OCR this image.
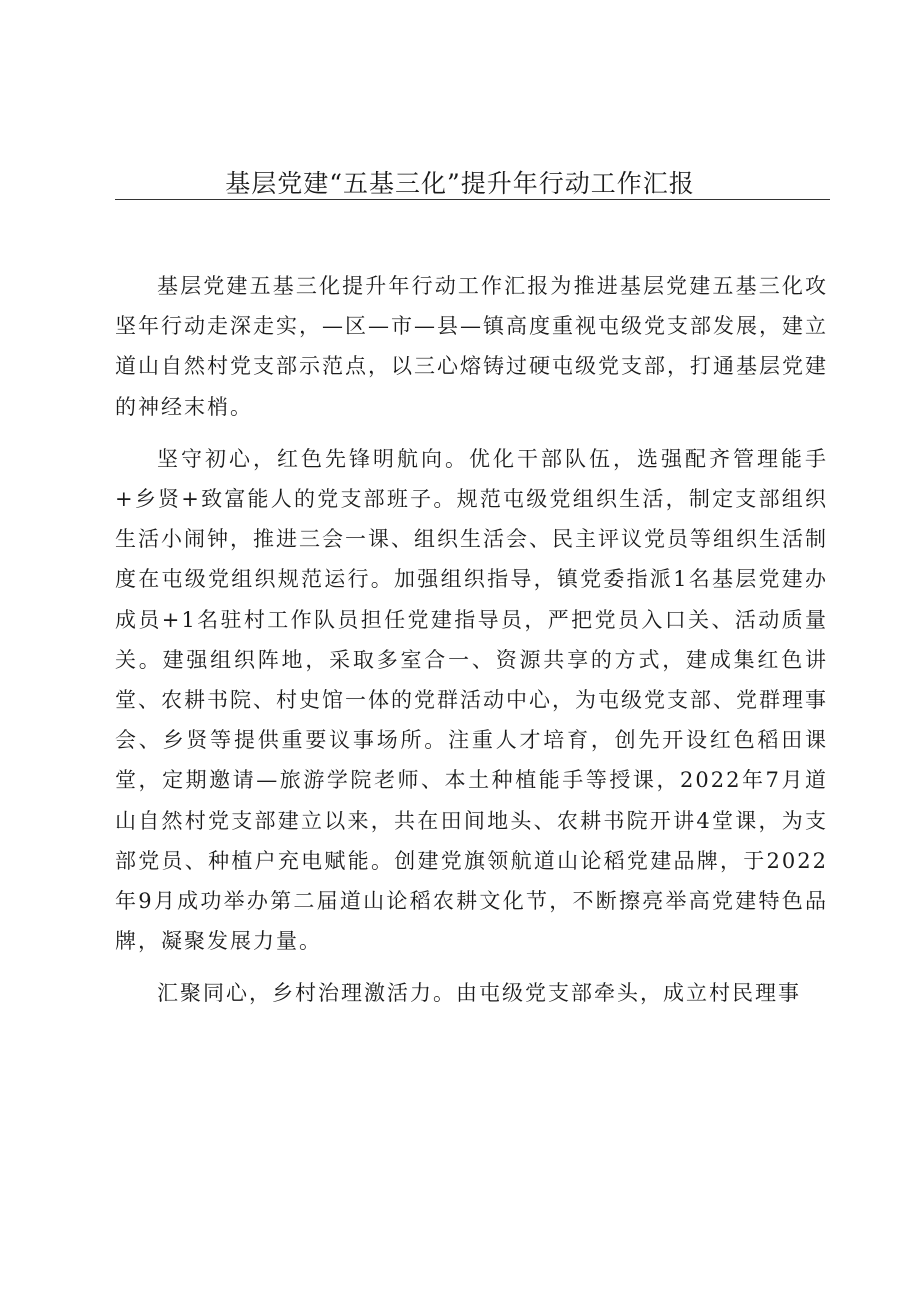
基层党建“五基三化”提升年行动工作汇报

基层党建五基三化提升年行动工作汇报为推进基层党建五基三化攻坚年行动走深走实，—区—市—县—镇高度重视屯级党支部发展，建立道山自然村党支部示范点，以三心熔铸过硬屯级党支部，打通基层党建的神经末梢。

坚守初心，红色先锋明航向。优化干部队伍，选强配齐管理能手+乡贤+致富能人的党支部班子。规范屯级党组织生活，制定支部组织生活小闹钟，推进三会一课、组织生活会、民主评议党员等组织生活制度在屯级党组织规范运行。加强组织指导，镇党委指派1名基层党建办成员+1名驻村工作队员担任党建指导员，严把党员入口关、活动质量关。建强组织阵地，采取多室合一、资源共享的方式，建成集红色讲堂、农耕书院、村史馆一体的党群活动中心，为屯级党支部、党群理事会、乡贤等提供重要议事场所。注重人才培育，创先开设红色稻田课堂，定期邀请—旅游学院老师、本土种植能手等授课，2022年7月道山自然村党支部建立以来，共在田间地头、农耕书院开讲4堂课，为支部党员、种植户充电赋能。创建党旗领航道山论稻党建品牌，于2022年9月成功举办第二届道山论稻农耕文化节，不断擦亮举高党建特色品牌，凝聚发展力量。

汇聚同心，乡村治理激活力。由屯级党支部牵头，成立村民理事
